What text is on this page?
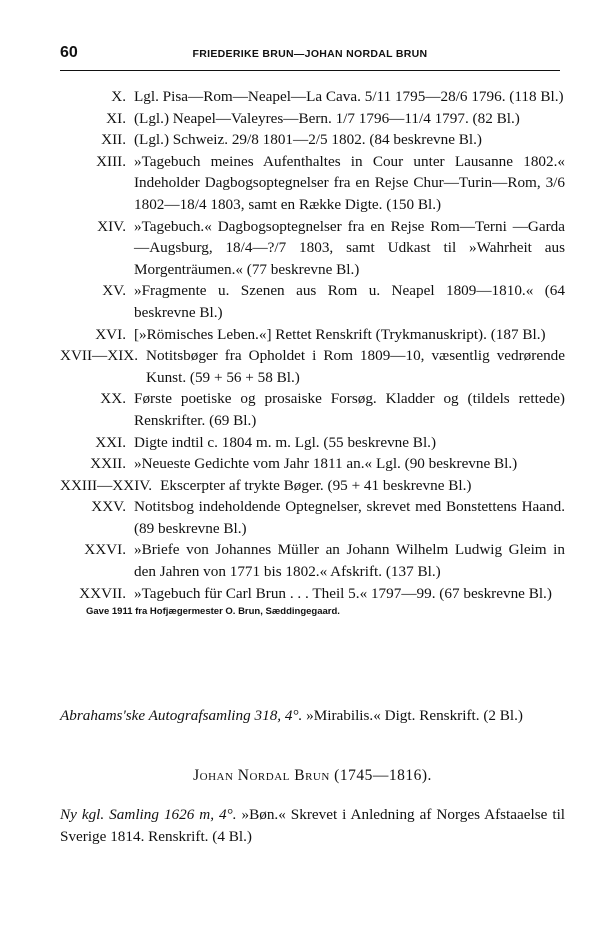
60	FRIEDERIKE BRUN—JOHAN NORDAL BRUN
X. Lgl. Pisa—Rom—Neapel—La Cava. 5/11 1795—28/6 1796. (118 Bl.)
XI. (Lgl.) Neapel—Valeyres—Bern. 1/7 1796—11/4 1797. (82 Bl.)
XII. (Lgl.) Schweiz. 29/8 1801—2/5 1802. (84 beskrevne Bl.)
XIII. »Tagebuch meines Aufenthaltes in Cour unter Lausanne 1802.« Indeholder Dagbogsoptegnelser fra en Rejse Chur—Turin—Rom, 3/6 1802—18/4 1803, samt en Række Digte. (150 Bl.)
XIV. »Tagebuch.« Dagbogsoptegnelser fra en Rejse Rom—Terni —Garda—Augsburg, 18/4—?/7 1803, samt Udkast til »Wahrheit aus Morgenträumen.« (77 beskrevne Bl.)
XV. »Fragmente u. Szenen aus Rom u. Neapel 1809—1810.« (64 beskrevne Bl.)
XVI. [»Römisches Leben.«] Rettet Renskrift (Trykmanuskript). (187 Bl.)
XVII—XIX. Notitsbøger fra Opholdet i Rom 1809—10, væsentlig vedrørende Kunst. (59 + 56 + 58 Bl.)
XX. Første poetiske og prosaiske Forsøg. Kladder og (tildels rettede) Renskrifter. (69 Bl.)
XXI. Digte indtil c. 1804 m. m. Lgl. (55 beskrevne Bl.)
XXII. »Neueste Gedichte vom Jahr 1811 an.« Lgl. (90 beskrevne Bl.)
XXIII—XXIV. Ekscerpter af trykte Bøger. (95 + 41 beskrevne Bl.)
XXV. Notitsbog indeholdende Optegnelser, skrevet med Bonstettens Haand. (89 beskrevne Bl.)
XXVI. »Briefe von Johannes Müller an Johann Wilhelm Ludwig Gleim in den Jahren von 1771 bis 1802.« Afskrift. (137 Bl.)
XXVII. »Tagebuch für Carl Brun . . . Theil 5.« 1797—99. (67 beskrevne Bl.)
Gave 1911 fra Hofjægermester O. Brun, Sæddingegaard.
Abrahams'ske Autografsamling 318, 4°. »Mirabilis.« Digt. Renskrift. (2 Bl.)
Johan Nordal Brun (1745—1816).
Ny kgl. Samling 1626 m, 4°. »Bøn.« Skrevet i Anledning af Norges Afstaaelse til Sverige 1814. Renskrift. (4 Bl.)
